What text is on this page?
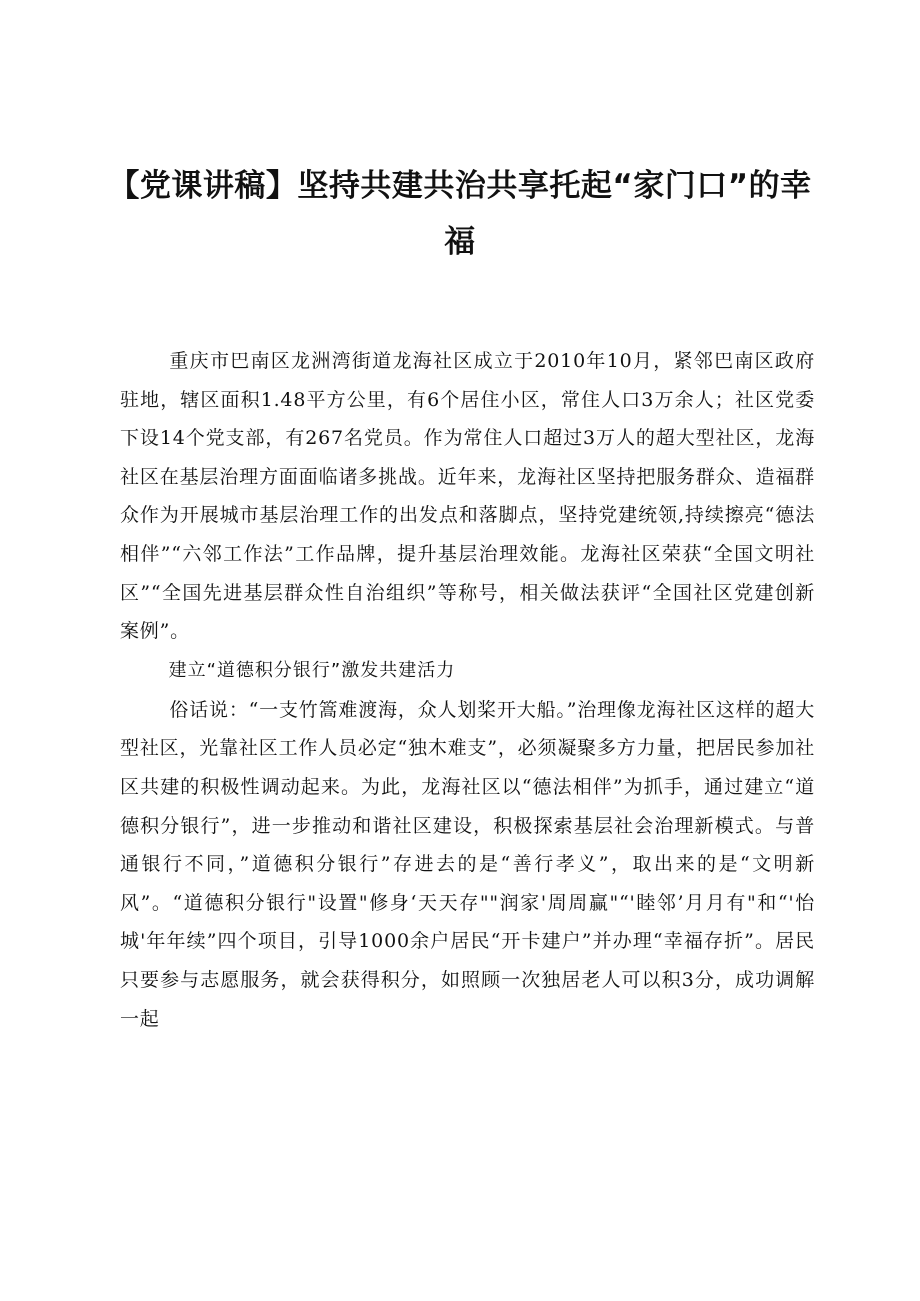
【党课讲稿】坚持共建共治共享托起“家门口”的幸福

重庆市巴南区龙洲湾街道龙海社区成立于2010年10月，紧邻巴南区政府驻地，辖区面积1.48平方公里，有6个居住小区，常住人口3万余人；社区党委下设14个党支部，有267名党员。作为常住人口超过3万人的超大型社区，龙海社区在基层治理方面面临诸多挑战。近年来，龙海社区坚持把服务群众、造福群众作为开展城市基层治理工作的出发点和落脚点，坚持党建统领,持续擦亮“德法相伴”“六邻工作法”工作品牌，提升基层治理效能。龙海社区荣获“全国文明社区”“全国先进基层群众性自治组织”等称号，相关做法获评“全国社区党建创新案例”。

建立“道德积分银行”激发共建活力

俗话说：“一支竹篙难渡海，众人划桨开大船。”治理像龙海社区这样的超大型社区，光靠社区工作人员必定“独木难支”，必须凝聚多方力量，把居民参加社区共建的积极性调动起来。为此，龙海社区以“德法相伴”为抓手，通过建立“道德积分银行”，进一步推动和谐社区建设，积极探索基层社会治理新模式。与普通银行不同，”道德积分银行”存进去的是“善行孝义”，取出来的是“文明新风”。“道德积分银行"设置"修身‘天天存""润家'周周赢"“'睦邻’月月有"和“'怡城'年年续”四个项目，引导1000余户居民“开卡建户”并办理“幸福存折”。居民只要参与志愿服务，就会获得积分，如照顾一次独居老人可以积3分，成功调解一起
